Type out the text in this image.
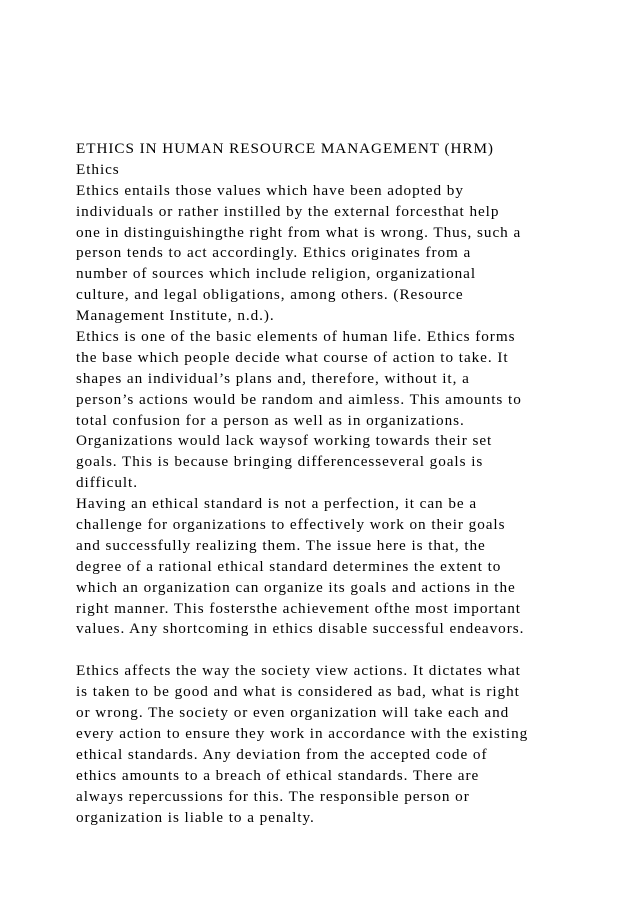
ETHICS IN HUMAN RESOURCE MANAGEMENT (HRM)
Ethics
Ethics entails those values which have been adopted by
individuals or rather instilled by the external forcesthat help
one in distinguishingthe right from what is wrong. Thus, such a
person tends to act accordingly. Ethics originates from a
number of sources which include religion, organizational
culture, and legal obligations, among others. (Resource
Management Institute, n.d.).
Ethics is one of the basic elements of human life. Ethics forms
the base which people decide what course of action to take. It
shapes an individual’s plans and, therefore, without it, a
person’s actions would be random and aimless. This amounts to
total confusion for a person as well as in organizations.
Organizations would lack waysof working towards their set
goals. This is because bringing differencesseveral goals is
difficult.
Having an ethical standard is not a perfection, it can be a
challenge for organizations to effectively work on their goals
and successfully realizing them. The issue here is that, the
degree of a rational ethical standard determines the extent to
which an organization can organize its goals and actions in the
right manner. This fostersthe achievement ofthe most important
values. Any shortcoming in ethics disable successful endeavors.
Ethics affects the way the society view actions. It dictates what
is taken to be good and what is considered as bad, what is right
or wrong. The society or even organization will take each and
every action to ensure they work in accordance with the existing
ethical standards. Any deviation from the accepted code of
ethics amounts to a breach of ethical standards. There are
always repercussions for this. The responsible person or
organization is liable to a penalty.
